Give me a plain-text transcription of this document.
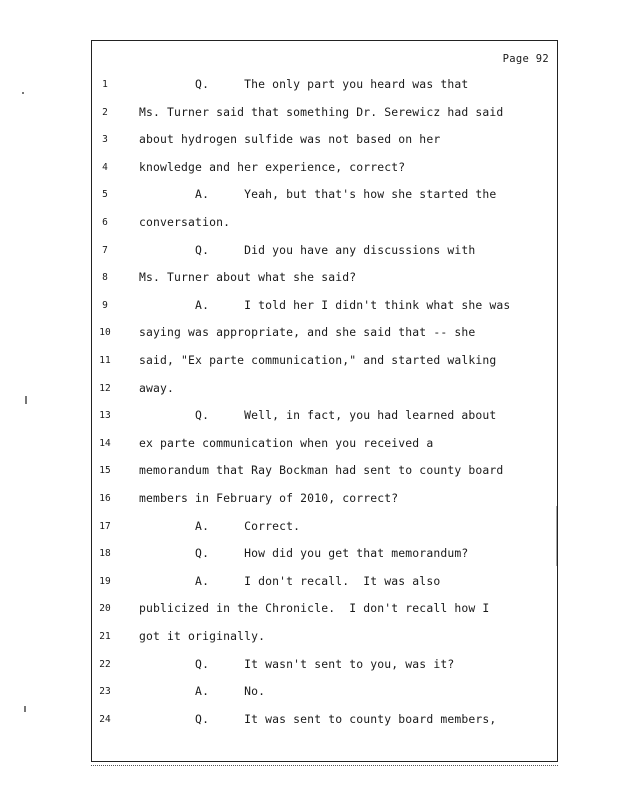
Page 92
1	Q.     The only part you heard was that
2	Ms. Turner said that something Dr. Serewicz had said
3	about hydrogen sulfide was not based on her
4	knowledge and her experience, correct?
5	A.     Yeah, but that's how she started the
6	conversation.
7	Q.     Did you have any discussions with
8	Ms. Turner about what she said?
9	A.     I told her I didn't think what she was
10	saying was appropriate, and she said that -- she
11	said, "Ex parte communication," and started walking
12	away.
13	Q.     Well, in fact, you had learned about
14	ex parte communication when you received a
15	memorandum that Ray Bockman had sent to county board
16	members in February of 2010, correct?
17	A.     Correct.
18	Q.     How did you get that memorandum?
19	A.     I don't recall.  It was also
20	publicized in the Chronicle.  I don't recall how I
21	got it originally.
22	Q.     It wasn't sent to you, was it?
23	A.     No.
24	Q.     It was sent to county board members,
